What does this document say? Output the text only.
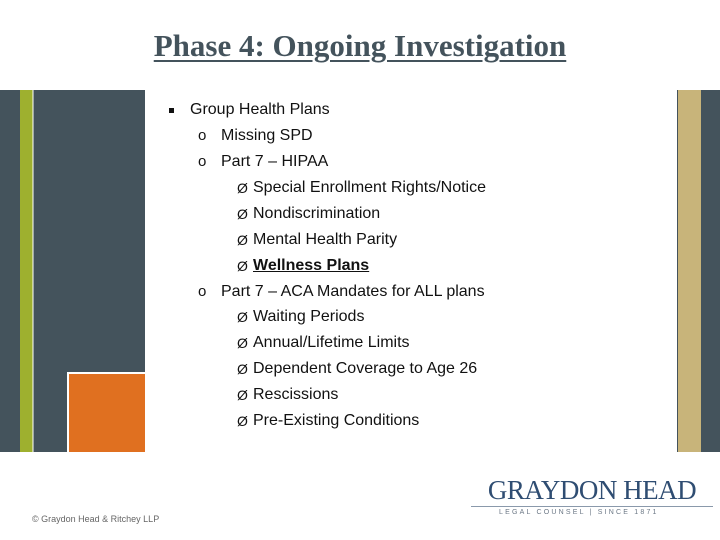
Phase 4: Ongoing Investigation
Group Health Plans
o Missing SPD
o Part 7 – HIPAA
Ø Special Enrollment Rights/Notice
Ø Nondiscrimination
Ø Mental Health Parity
Ø Wellness Plans
o Part 7 – ACA Mandates for ALL plans
Ø Waiting Periods
Ø Annual/Lifetime Limits
Ø Dependent Coverage to Age 26
Ø Rescissions
Ø Pre-Existing Conditions
© Graydon Head & Ritchey LLP
GRAYDON HEAD
LEGAL COUNSEL | SINCE 1871
